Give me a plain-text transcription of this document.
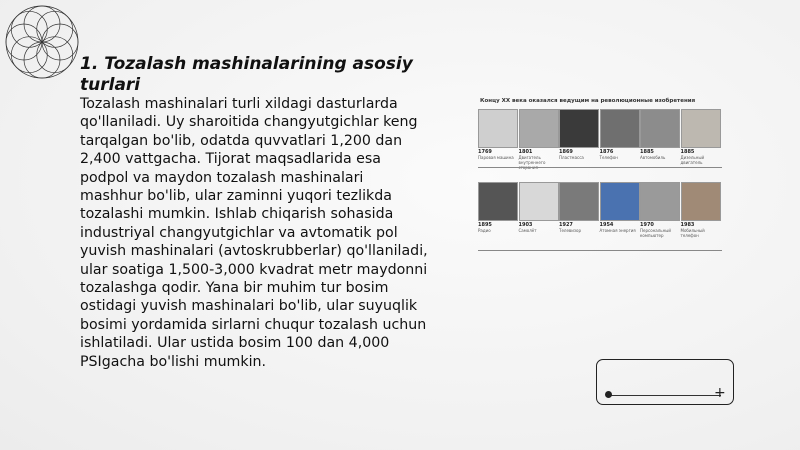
1. Tozalash mashinalarining asosiy turlari

Tozalash mashinalari turli xildagi dasturlarda qo'llaniladi. Uy sharoitida changyutgichlar keng tarqalgan bo'lib, odatda quvvatlari 1,200 dan 2,400 vattgacha. Tijorat maqsadlarida esa podpol va maydon tozalash mashinalari mashhur bo'lib, ular zaminni yuqori tezlikda tozalashi mumkin. Ishlab chiqarish sohasida industriyal changyutgichlar va avtomatik pol yuvish mashinalari (avtoskrubberlar) qo'llaniladi, ular soatiga 1,500-3,000 kvadrat metr maydonni tozalashga qodir. Yana bir muhim tur bosim ostidagi yuvish mashinalari bo'lib, ular suyuqlik bosimi yordamida sirlarni chuqur tozalash uchun ishlatiladi. Ular ustida bosim 100 dan 4,000 PSIgacha bo'lishi mumkin.

Концу XX века оказался ведущим на революционные изобретения
1769
Паровая машина
1801
Двигатель внутреннего
1869
Пластмасса
1876
Телефон
1885
Автомобиль
1885
Дизельный двигатель
1895
Радио
1903
Самолёт
1927
Телевизор
1954
Атомная энергия
1970
Персональный компьютер
1983
Мобильный телефон
+
